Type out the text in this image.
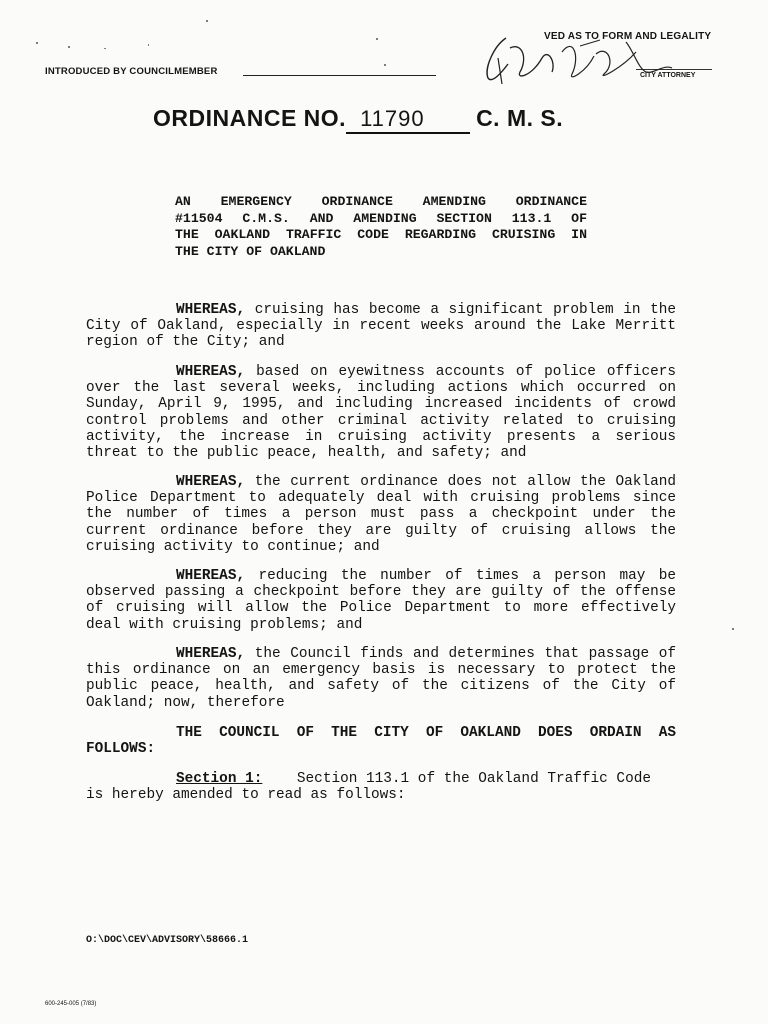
INTRODUCED BY COUNCILMEMBER
VED AS TO FORM AND LEGALITY
CITY ATTORNEY
ORDINANCE NO. 11790 C. M. S.
AN EMERGENCY ORDINANCE AMENDING ORDINANCE
#11504 C.M.S. AND AMENDING SECTION 113.1 OF
THE OAKLAND TRAFFIC CODE REGARDING CRUISING IN
THE CITY OF OAKLAND
WHEREAS, cruising has become a significant problem in the
City of Oakland, especially in recent weeks around the Lake Merritt
region of the City; and
WHEREAS, based on eyewitness accounts of police officers
over the last several weeks, including actions which occurred on
Sunday, April 9, 1995, and including increased incidents of crowd
control problems and other criminal activity related to cruising
activity, the increase in cruising activity presents a serious
threat to the public peace, health, and safety; and
WHEREAS, the current ordinance does not allow the Oakland
Police Department to adequately deal with cruising problems since
the number of times a person must pass a checkpoint under the
current ordinance before they are guilty of cruising allows the
cruising activity to continue; and
WHEREAS, reducing the number of times a person may be
observed passing a checkpoint before they are guilty of the offense
of cruising will allow the Police Department to more effectively
deal with cruising problems; and
WHEREAS, the Council finds and determines that passage of
this ordinance on an emergency basis is necessary to protect the
public peace, health, and safety of the citizens of the City of
Oakland; now, therefore
THE COUNCIL OF THE CITY OF OAKLAND DOES ORDAIN AS
FOLLOWS:
Section 1: Section 113.1 of the Oakland Traffic Code
is hereby amended to read as follows:
O:\DOC\CEV\ADVISORY\58666.1
600-245-005 (7/83)
